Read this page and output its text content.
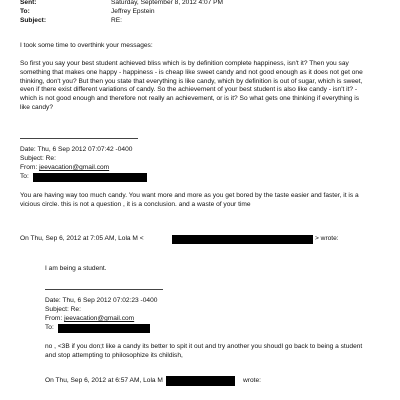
Sent:	Saturday, September 8, 2012 4:07 PM
To:	Jeffrey Epstein
Subject:	RE:
I took some time to overthink your messages:
So first you say your best student achieved bliss which is by definition complete happiness, isn't it? Then you say
something that makes one happy - happiness - is cheap like sweet candy and not good enough as it does not get one
thinking, don't you? But then you state that everything is like candy, which by definition is out of sugar, which is sweet,
even if there exist different variations of candy. So the achievement of your best student is also like candy - isn't it? -
which is not good enough and therefore not really an achievement, or is it? So what gets one thinking if everything is
like candy?
Date: Thu, 6 Sep 2012 07:07:42 -0400
Subject: Re:
From: jeevacation@gmail.com
To:
You are having way too much candy. You want more and more as you get bored by the taste easier and faster, it is a
vicious circle. this is not a question , it is a conclusion. and a waste of your time
On Thu, Sep 6, 2012 at 7:05 AM, Lola M <	> wrote:
I am being a student.
Date: Thu, 6 Sep 2012 07:02:23 -0400
Subject: Re:
From: jeevacation@gmail.com
To:
no , <3B if you don;t like a candy its better to spit it out and try another you shoudl go back to being a student
and stop attempting to philosophize its childish,
On Thu, Sep 6, 2012 at 6:57 AM, Lola M	wrote:
